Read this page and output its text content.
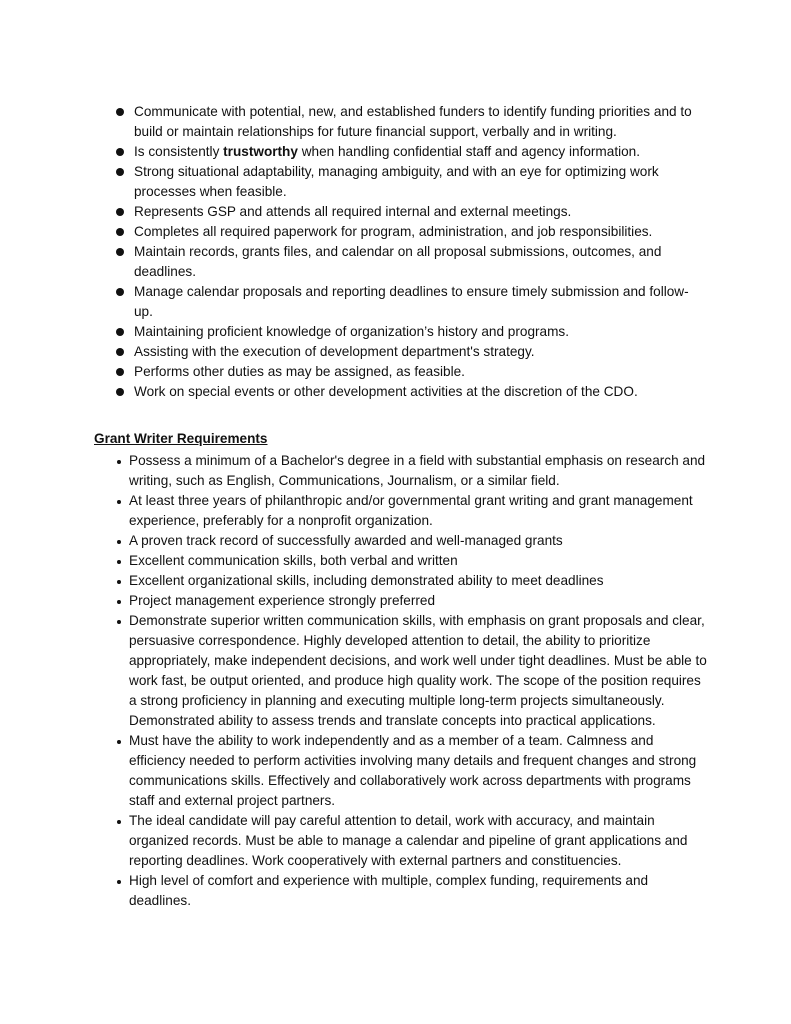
Communicate with potential, new, and established funders to identify funding priorities and to build or maintain relationships for future financial support, verbally and in writing.
Is consistently trustworthy when handling confidential staff and agency information.
Strong situational adaptability, managing ambiguity, and with an eye for optimizing work processes when feasible.
Represents GSP and attends all required internal and external meetings.
Completes all required paperwork for program, administration, and job responsibilities.
Maintain records, grants files, and calendar on all proposal submissions, outcomes, and deadlines.
Manage calendar proposals and reporting deadlines to ensure timely submission and follow-up.
Maintaining proficient knowledge of organization’s history and programs.
Assisting with the execution of development department's strategy.
Performs other duties as may be assigned, as feasible.
Work on special events or other development activities at the discretion of the CDO.
Grant Writer Requirements
Possess a minimum of a Bachelor's degree in a field with substantial emphasis on research and writing, such as English, Communications, Journalism, or a similar field.
At least three years of philanthropic and/or governmental grant writing and grant management experience, preferably for a nonprofit organization.
A proven track record of successfully awarded and well-managed grants
Excellent communication skills, both verbal and written
Excellent organizational skills, including demonstrated ability to meet deadlines
Project management experience strongly preferred
Demonstrate superior written communication skills, with emphasis on grant proposals and clear, persuasive correspondence. Highly developed attention to detail, the ability to prioritize appropriately, make independent decisions, and work well under tight deadlines. Must be able to work fast, be output oriented, and produce high quality work. The scope of the position requires a strong proficiency in planning and executing multiple long-term projects simultaneously. Demonstrated ability to assess trends and translate concepts into practical applications.
Must have the ability to work independently and as a member of a team. Calmness and efficiency needed to perform activities involving many details and frequent changes and strong communications skills. Effectively and collaboratively work across departments with programs staff and external project partners.
The ideal candidate will pay careful attention to detail, work with accuracy, and maintain organized records. Must be able to manage a calendar and pipeline of grant applications and reporting deadlines. Work cooperatively with external partners and constituencies.
High level of comfort and experience with multiple, complex funding, requirements and deadlines.
